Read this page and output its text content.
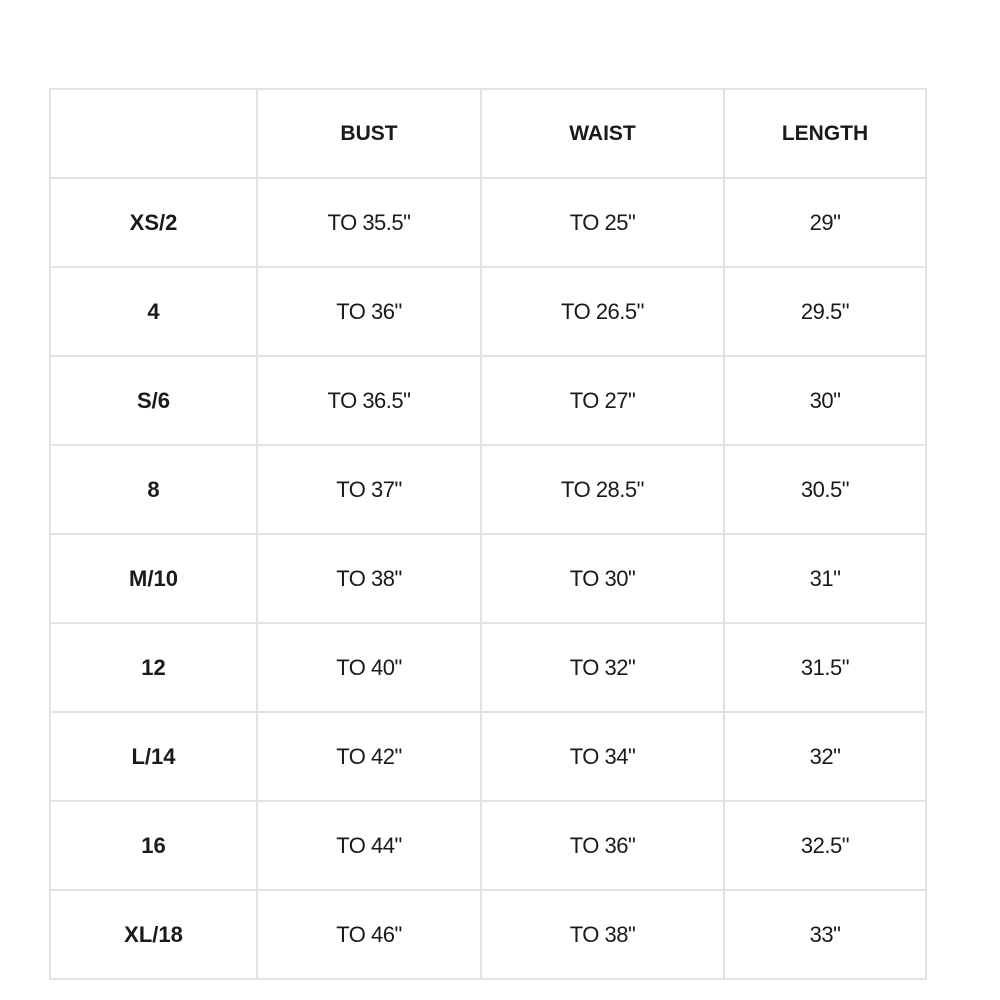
	BUST	WAIST	LENGTH
XS/2	TO 35.5"	TO 25"	29"
4	TO 36"	TO 26.5"	29.5"
S/6	TO 36.5"	TO 27"	30"
8	TO 37"	TO 28.5"	30.5"
M/10	TO 38"	TO 30"	31"
12	TO 40"	TO 32"	31.5"
L/14	TO 42"	TO 34"	32"
16	TO 44"	TO 36"	32.5"
XL/18	TO 46"	TO 38"	33"
